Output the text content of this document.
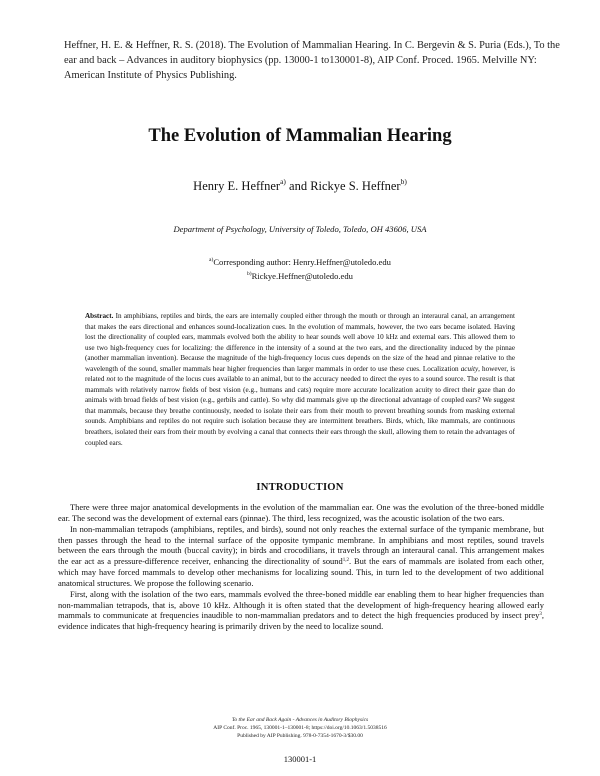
Heffner, H. E. & Heffner, R. S. (2018). The Evolution of Mammalian Hearing. In C. Bergevin & S. Puria (Eds.), To the ear and back – Advances in auditory biophysics (pp. 13000-1 to130001-8), AIP Conf. Proced. 1965. Melville NY: American Institute of Physics Publishing.
The Evolution of Mammalian Hearing
Henry E. Heffner$^{a)}$ and Rickye S. Heffner$^{b)}$
Department of Psychology, University of Toledo, Toledo, OH 43606, USA
$^{a)}$Corresponding author: Henry.Heffner@utoledo.edu
$^{b)}$Rickye.Heffner@utoledo.edu
Abstract. In amphibians, reptiles and birds, the ears are internally coupled either through the mouth or through an interaural canal, an arrangement that makes the ears directional and enhances sound-localization cues. In the evolution of mammals, however, the two ears became isolated. Having lost the directionality of coupled ears, mammals evolved both the ability to hear sounds well above 10 kHz and external ears. This allowed them to use two high-frequency cues for localizing: the difference in the intensity of a sound at the two ears, and the directionality induced by the pinnae (another mammalian invention). Because the magnitude of the high-frequency locus cues depends on the size of the head and pinnae relative to the wavelength of the sound, smaller mammals hear higher frequencies than larger mammals in order to use these cues. Localization acuity, however, is related not to the magnitude of the locus cues available to an animal, but to the accuracy needed to direct the eyes to a sound source. The result is that mammals with relatively narrow fields of best vision (e.g., humans and cats) require more accurate localization acuity to direct their gaze than do animals with broad fields of best vision (e.g., gerbils and cattle). So why did mammals give up the directional advantage of coupled ears? We suggest that mammals, because they breathe continuously, needed to isolate their ears from their mouth to prevent breathing sounds from masking external sounds. Amphibians and reptiles do not require such isolation because they are intermittent breathers. Birds, which, like mammals, are continuous breathers, isolated their ears from their mouth by evolving a canal that connects their ears through the skull, allowing them to retain the advantages of coupled ears.
INTRODUCTION

There were three major anatomical developments in the evolution of the mammalian ear. One was the evolution of the three-boned middle ear. The second was the development of external ears (pinnae). The third, less recognized, was the acoustic isolation of the two ears.

In non-mammalian tetrapods (amphibians, reptiles, and birds), sound not only reaches the external surface of the tympanic membrane, but then passes through the head to the internal surface of the opposite tympanic membrane. In amphibians and most reptiles, sound travels between the ears through the mouth (buccal cavity); in birds and crocodilians, it travels through an interaural canal. This arrangement makes the ear act as a pressure-difference receiver, enhancing the directionality of sound$^{1,2}$. But the ears of mammals are isolated from each other, which may have forced mammals to develop other mechanisms for localizing sound. This, in turn led to the development of two additional anatomical structures. We propose the following scenario.

First, along with the isolation of the two ears, mammals evolved the three-boned middle ear enabling them to hear higher frequencies than non-mammalian tetrapods, that is, above 10 kHz. Although it is often stated that the development of high-frequency hearing allowed early mammals to communicate at frequencies inaudible to non-mammalian predators and to detect the high frequencies produced by insect prey$^3$, evidence indicates that high-frequency hearing is primarily driven by the need to localize sound.

To the Ear and Back Again - Advances in Auditory Biophysics
AIP Conf. Proc. 1965, 130001-1–130001-8; https://doi.org/10.1063/1.5038516
Published by AIP Publishing. 978-0-7354-1670-3/$30.00
130001-1
